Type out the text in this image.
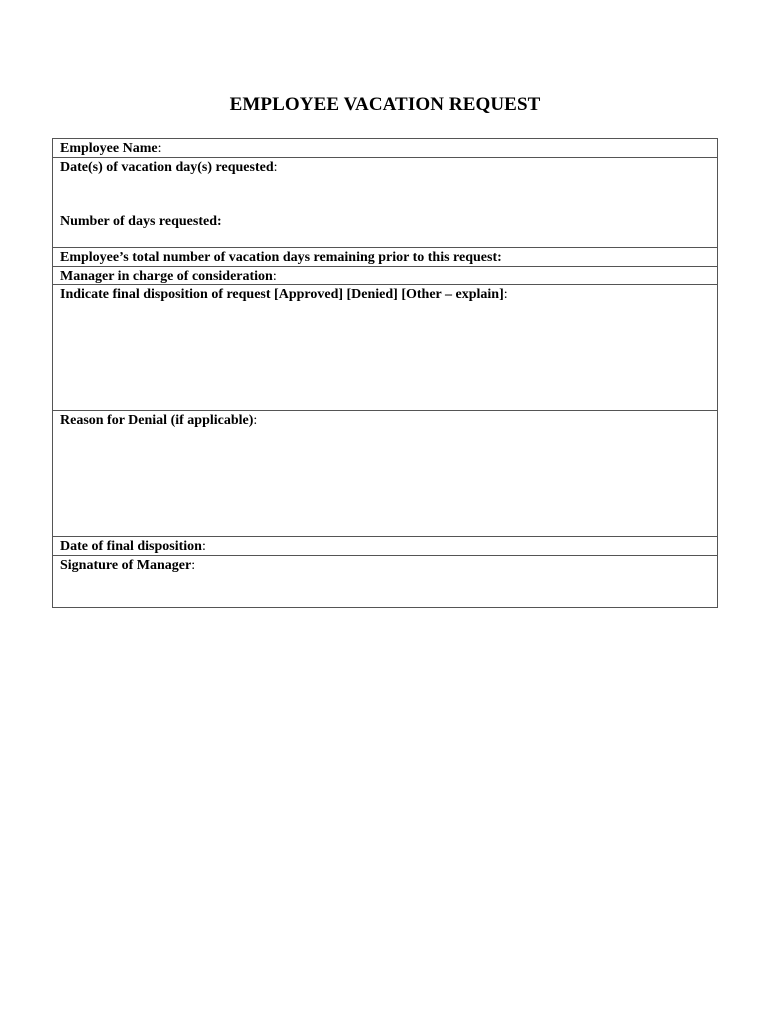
EMPLOYEE VACATION REQUEST
Employee Name:
Date(s) of vacation day(s) requested:
Number of days requested:
Employee’s total number of vacation days remaining prior to this request:
Manager in charge of consideration:
Indicate final disposition of request [Approved] [Denied] [Other – explain]:
Reason for Denial (if applicable):
Date of final disposition:
Signature of Manager:
